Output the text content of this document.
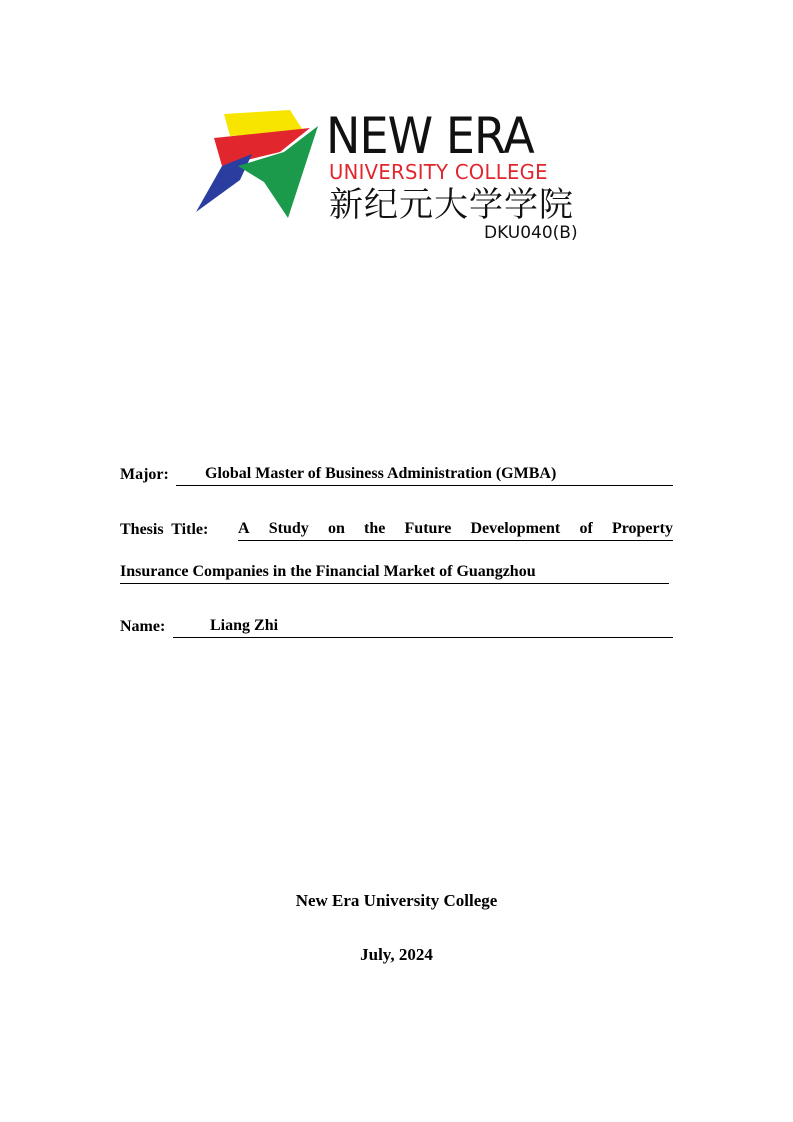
NEW ERA
UNIVERSITY COLLEGE
新纪元大学学院
DKU040(B)
Major:	Global Master of Business Administration (GMBA)
Thesis Title: A Study on the Future Development of Property
Insurance Companies in the Financial Market of Guangzhou
Name:	Liang Zhi
New Era University College
July, 2024
